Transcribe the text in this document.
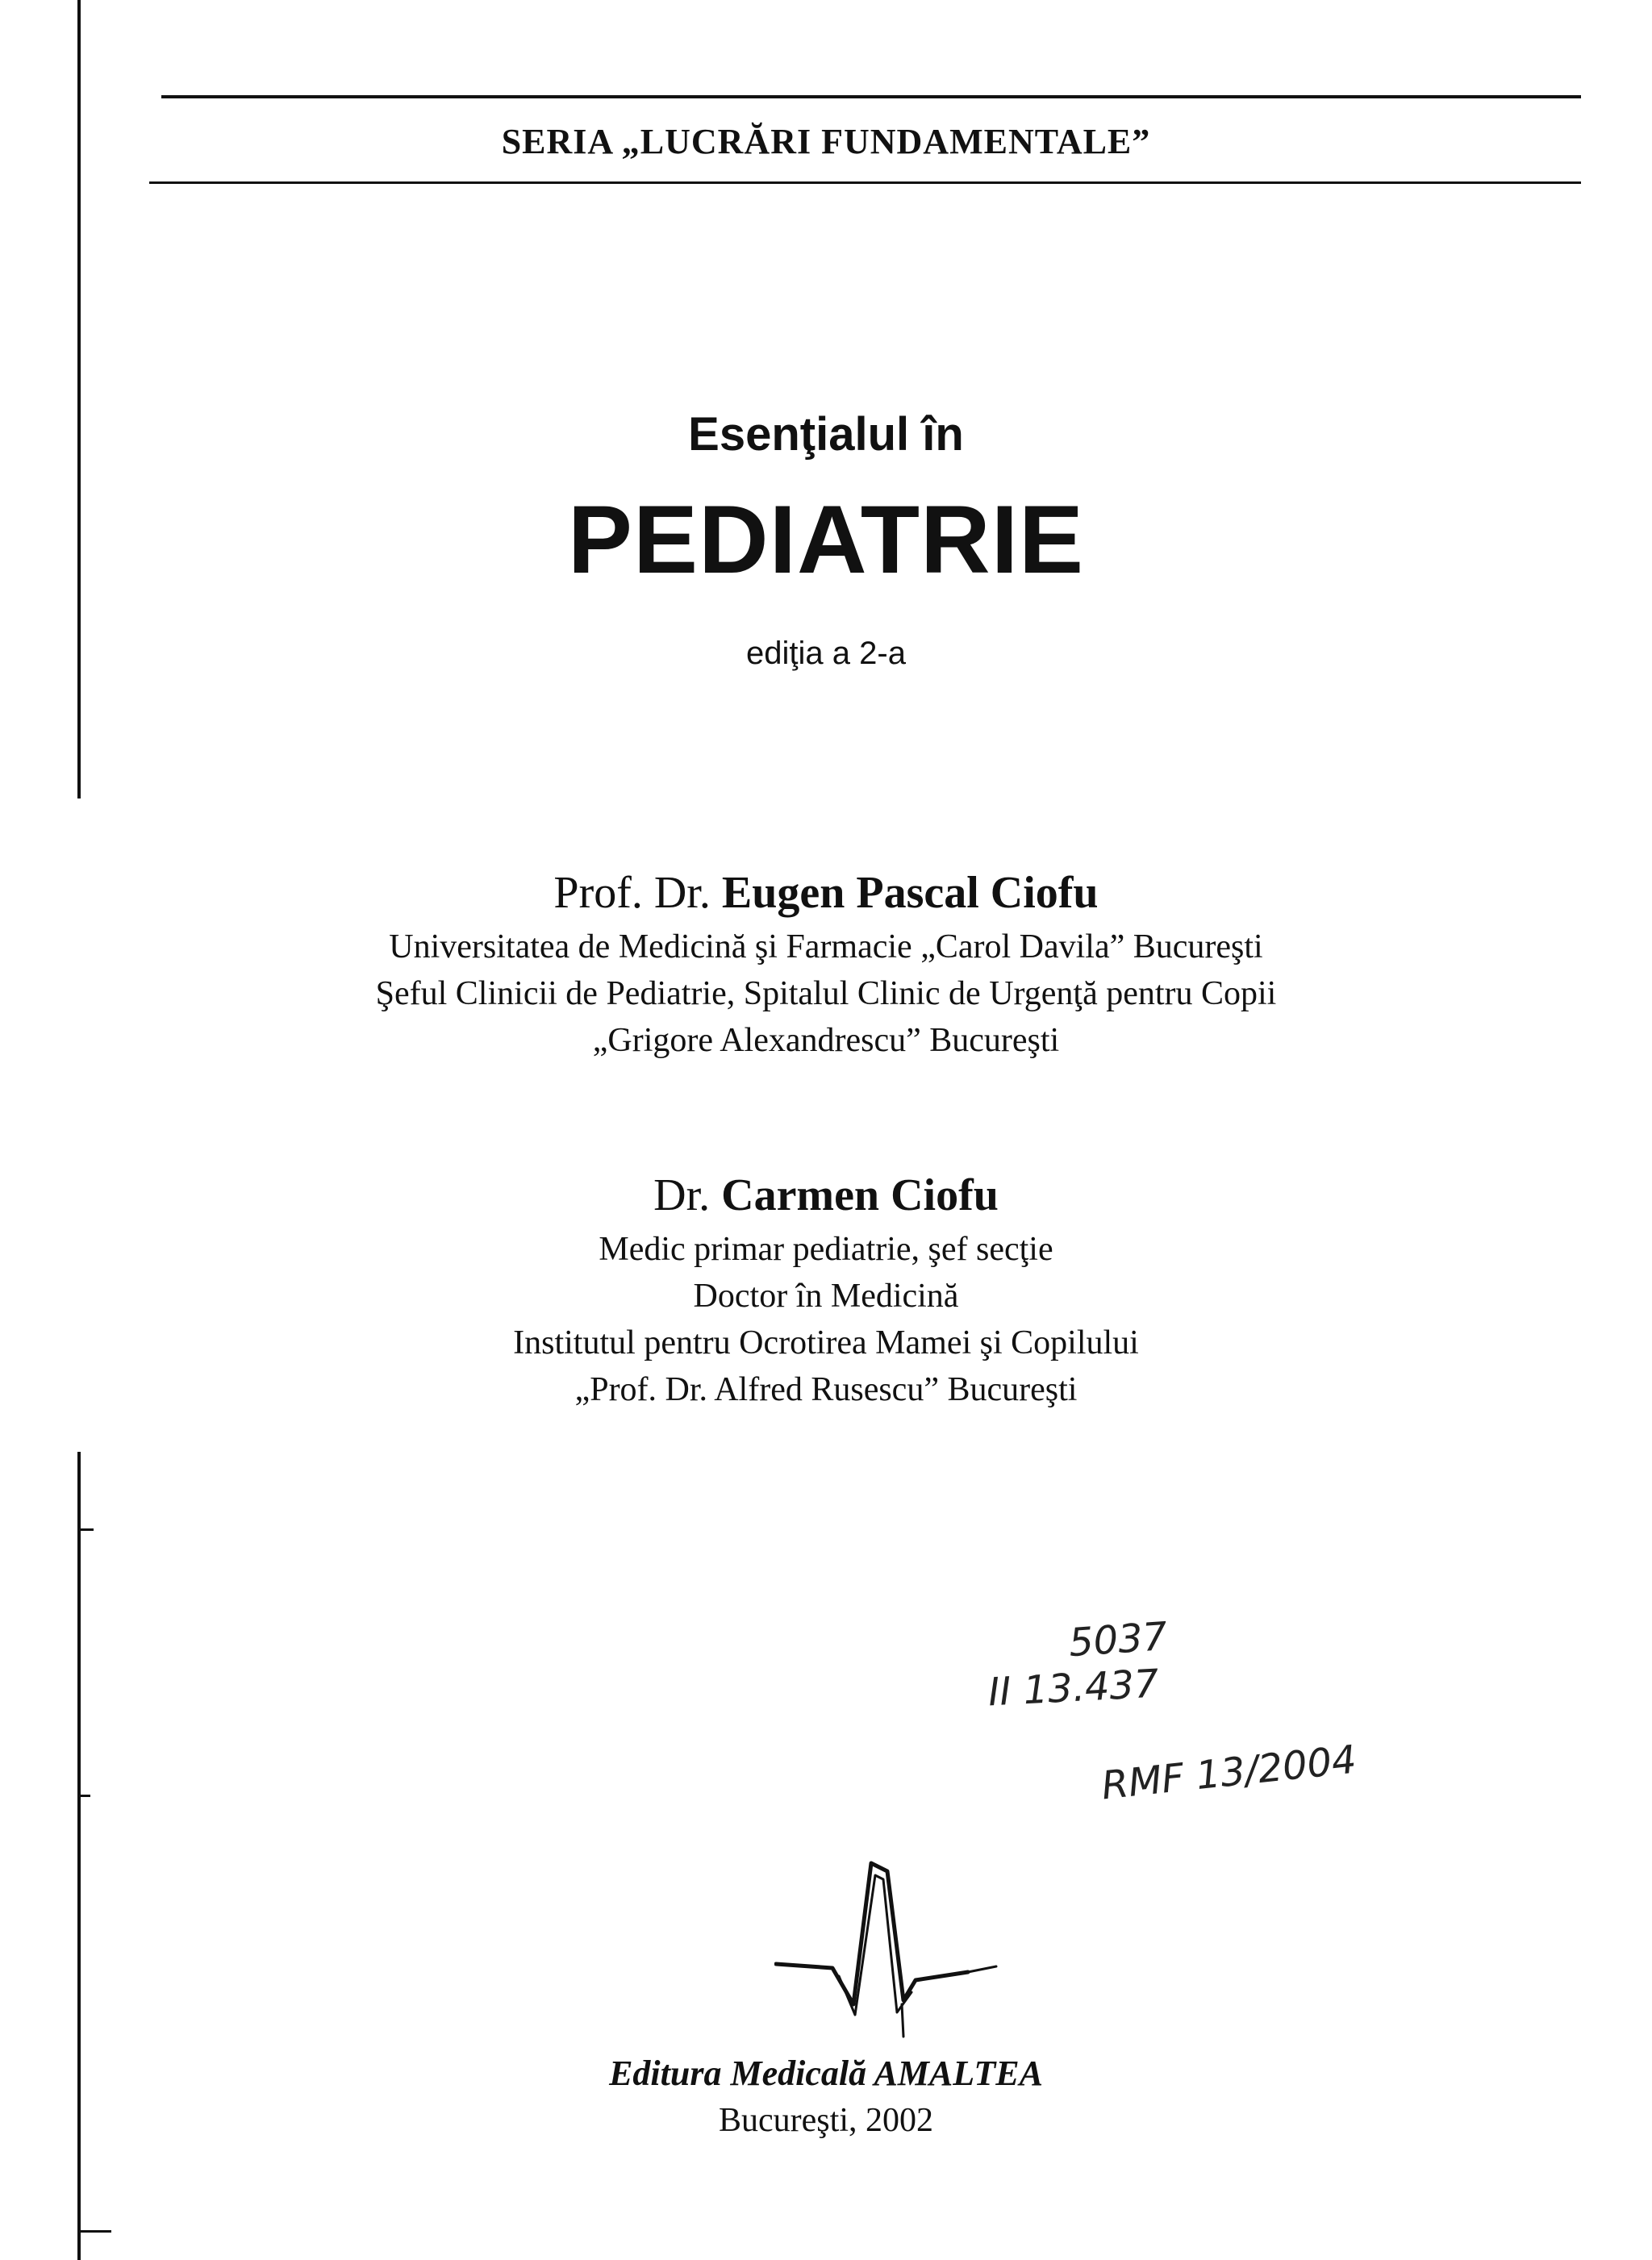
SERIA „LUCRĂRI FUNDAMENTALE”
Esenţialul în
PEDIATRIE
ediţia a 2-a
Prof. Dr. Eugen Pascal Ciofu
Universitatea de Medicină şi Farmacie „Carol Davila” Bucureşti
Şeful Clinicii de Pediatrie, Spitalul Clinic de Urgenţă pentru Copii
„Grigore Alexandrescu” Bucureşti
Dr. Carmen Ciofu
Medic primar pediatrie, şef secţie
Doctor în Medicină
Institutul pentru Ocrotirea Mamei şi Copilului
„Prof. Dr. Alfred Rusescu” Bucureşti
5037
II 13.437
RMF 13/2004
Editura Medicală AMALTEA
Bucureşti, 2002
